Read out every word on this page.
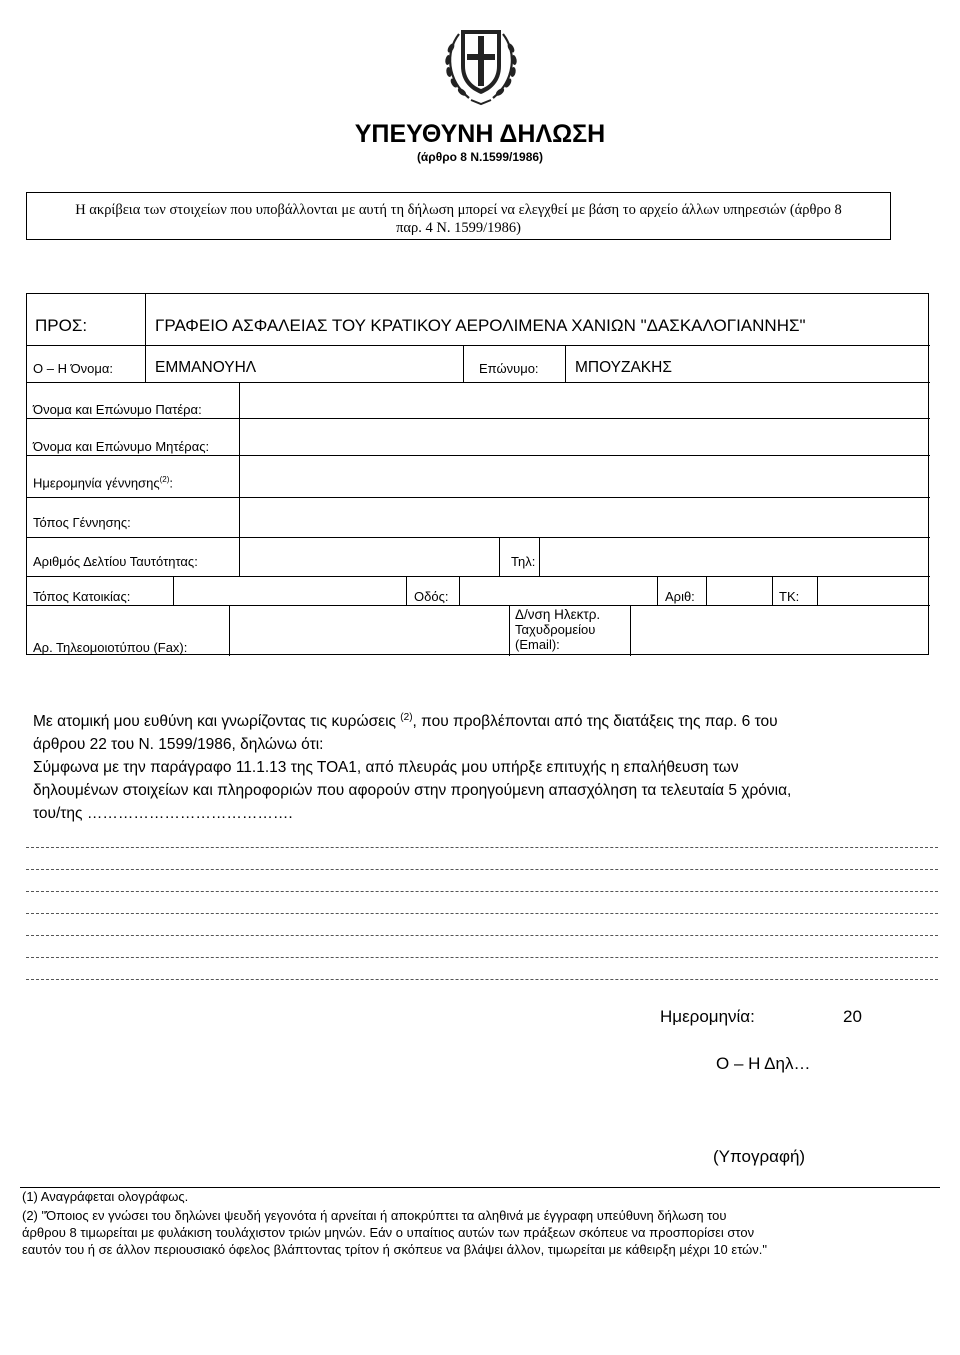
ΥΠΕΥΘΥΝΗ ΔΗΛΩΣΗ
(άρθρο 8 Ν.1599/1986)
Η ακρίβεια των στοιχείων που υποβάλλονται με αυτή τη δήλωση μπορεί να ελεγχθεί με βάση το αρχείο άλλων υπηρεσιών (άρθρο 8
παρ. 4 Ν. 1599/1986)
ΠΡΟΣ:	ΓΡΑΦΕΙΟ ΑΣΦΑΛΕΙΑΣ ΤΟΥ ΚΡΑΤΙΚΟΥ ΑΕΡΟΛΙΜΕΝΑ ΧΑΝΙΩΝ "ΔΑΣΚΑΛΟΓΙΑΝΝΗΣ"
Ο – Η Όνομα:	ΕΜΜΑΝΟΥΗΛ	Επώνυμο: ΜΠΟΥΖΑΚΗΣ
Όνομα και Επώνυμο Πατέρα:
Όνομα και Επώνυμο Μητέρας:
Ημερομηνία γέννησης$^{(2)}$:
Τόπος Γέννησης:
Αριθμός Δελτίου Ταυτότητας:	Τηλ:
Τόπος Κατοικίας:	Οδός:	Αριθ:	ΤΚ:
Αρ. Τηλεομοιοτύπου (Fax):
Δ/νση Ηλεκτρ.
Ταχυδρομείου
(Email):
Με ατομική μου ευθύνη και γνωρίζοντας τις κυρώσεις $^{(2)}$, που προβλέπονται από της διατάξεις της παρ. 6 του
άρθρου 22 του Ν. 1599/1986, δηλώνω ότι:
Σύμφωνα με την παράγραφο 11.1.13 της ΤΟΑ1, από πλευράς μου υπήρξε επιτυχής η επαλήθευση των
δηλουμένων στοιχείων και πληροφοριών που αφορούν στην προηγούμενη απασχόληση τα τελευταία 5 χρόνια,
του/της ………………………………….
Ημερομηνία:	20
Ο – Η Δηλ…
(Υπογραφή)
(1) Αναγράφεται ολογράφως.
(2) "Όποιος εν γνώσει του δηλώνει ψευδή γεγονότα ή αρνείται ή αποκρύπτει τα αληθινά με έγγραφη υπεύθυνη δήλωση του
άρθρου 8 τιμωρείται με φυλάκιση τουλάχιστον τριών μηνών. Εάν ο υπαίτιος αυτών των πράξεων σκόπευε να προσπορίσει στον
εαυτόν του ή σε άλλον περιουσιακό όφελος βλάπτοντας τρίτον ή σκόπευε να βλάψει άλλον, τιμωρείται με κάθειρξη μέχρι 10 ετών."
